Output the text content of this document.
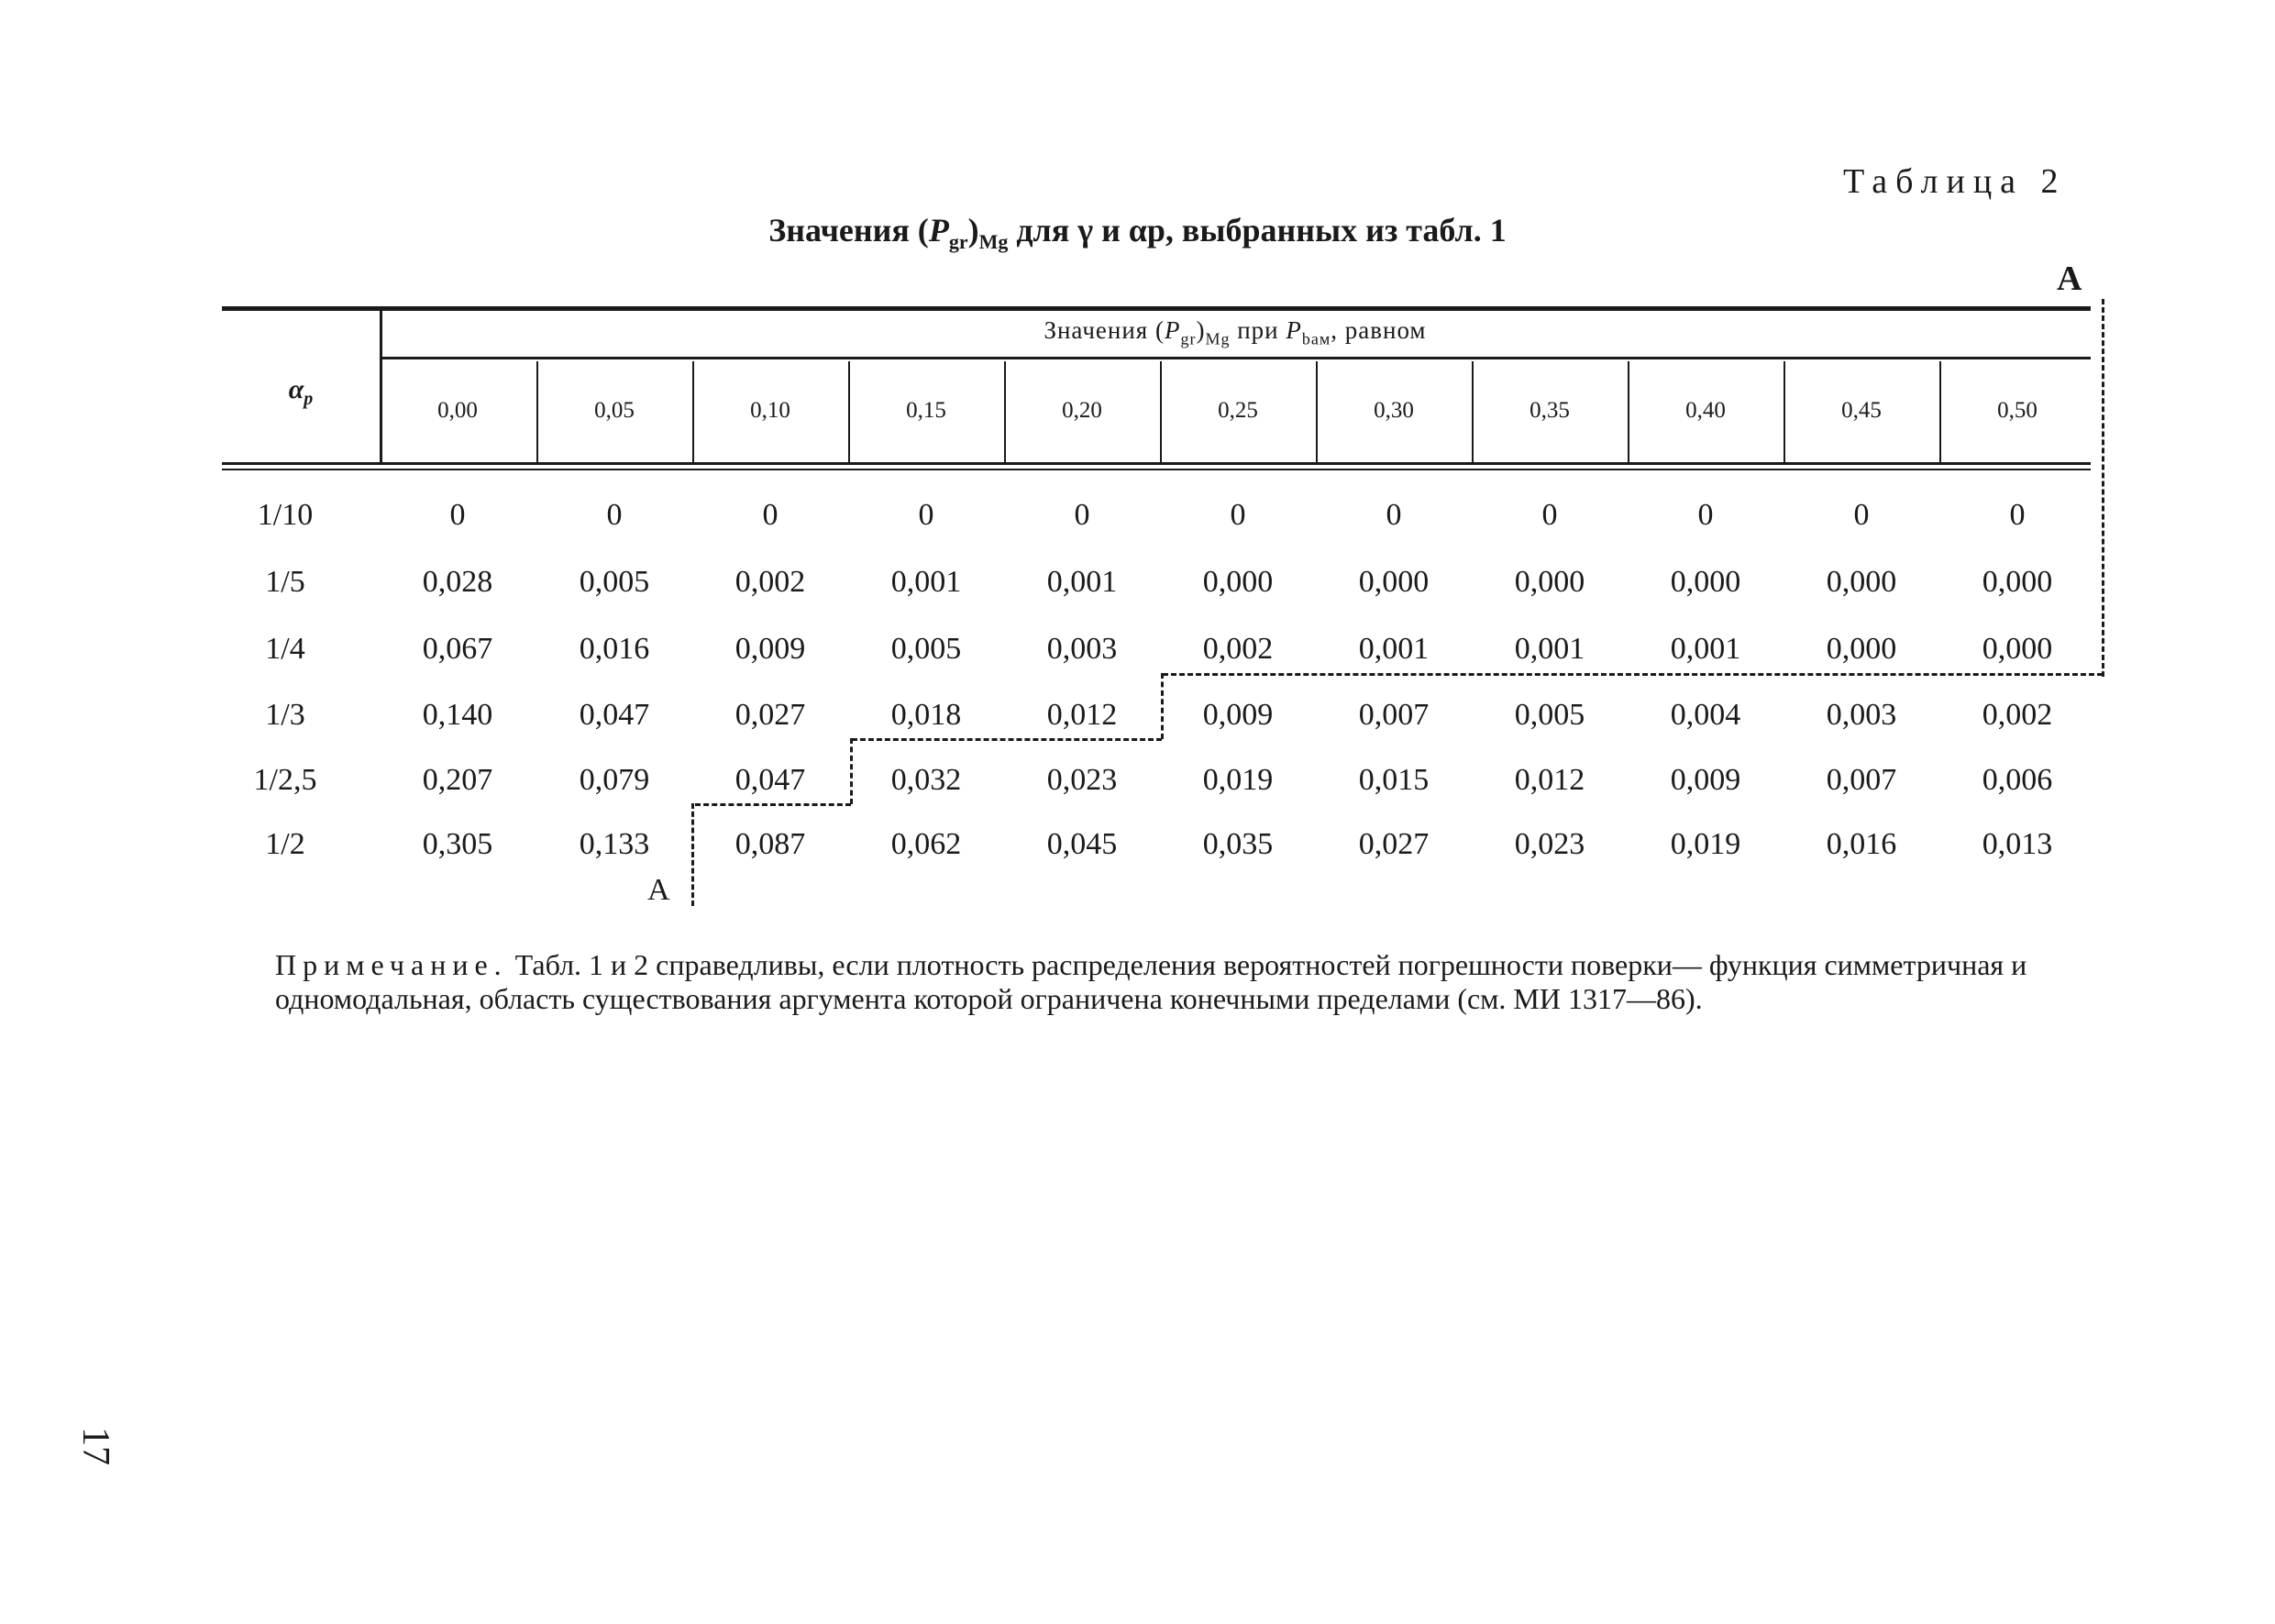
Таблица 2
Значения $(P_{gr})_{Mg}$ для γ и αp, выбранных из табл. 1
А
$\alpha_p$
Значения $(P_{gr})_{Mg}$ при $P_{bам}$, равном
0,00	0,05	0,10	0,15	0,20	0,25	0,30	0,35	0,40	0,45	0,50
1/10	0	0	0	0	0	0	0	0	0	0	0
1/5	0,028	0,005	0,002	0,001	0,001	0,000	0,000	0,000	0,000	0,000	0,000
1/4	0,067	0,016	0,009	0,005	0,003	0,002	0,001	0,001	0,001	0,000	0,000
1/3	0,140	0,047	0,027	0,018	0,012	0,009	0,007	0,005	0,004	0,003	0,002
1/2,5	0,207	0,079	0,047	0,032	0,023	0,019	0,015	0,012	0,009	0,007	0,006
1/2	0,305	0,133	0,087	0,062	0,045	0,035	0,027	0,023	0,019	0,016	0,013
А
Примечание. Табл. 1 и 2 справедливы, если плотность распределения вероятностей погрешности поверки— функция симметричная и одномодальная, область существования аргумента которой ограничена конечными пределами (см. МИ 1317—86).
17
